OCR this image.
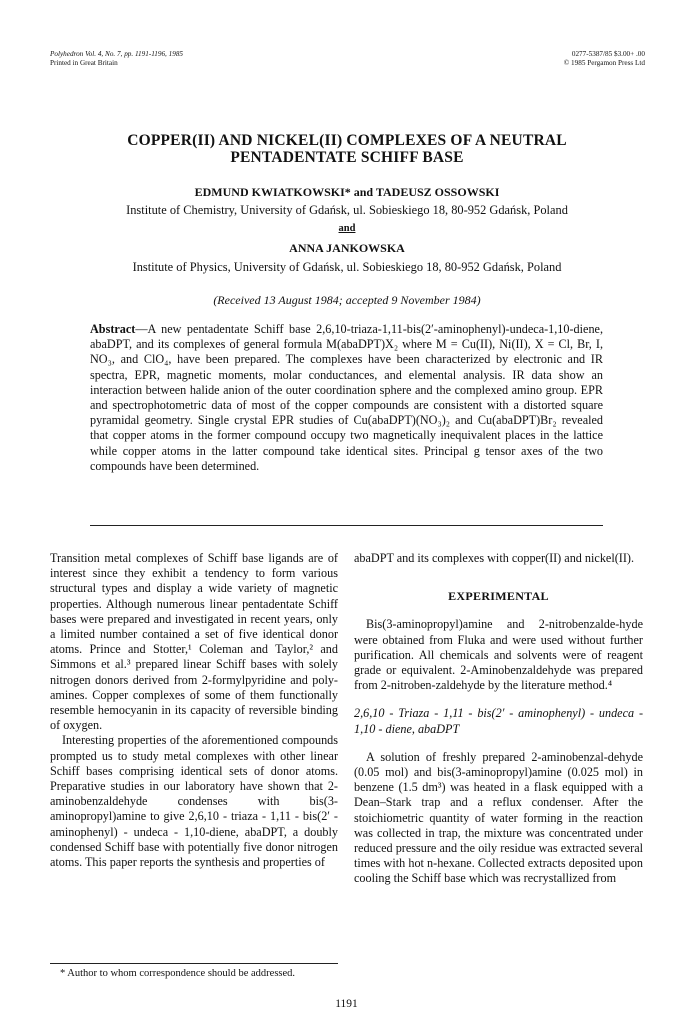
Polyhedron Vol. 4, No. 7, pp. 1191-1196, 1985
Printed in Great Britain
0277-5387/85 $3.00+ .00
© 1985 Pergamon Press Ltd
COPPER(II) AND NICKEL(II) COMPLEXES OF A NEUTRAL
PENTADENTATE SCHIFF BASE
EDMUND KWIATKOWSKI* and TADEUSZ OSSOWSKI
Institute of Chemistry, University of Gdańsk, ul. Sobieskiego 18, 80-952 Gdańsk, Poland
and
ANNA JANKOWSKA
Institute of Physics, University of Gdańsk, ul. Sobieskiego 18, 80-952 Gdańsk, Poland
(Received 13 August 1984; accepted 9 November 1984)
Abstract—A new pentadentate Schiff base 2,6,10-triaza-1,11-bis(2′-aminophenyl)-undeca-1,10-diene, abaDPT, and its complexes of general formula M(abaDPT)X₂ where M = Cu(II), Ni(II), X = Cl, Br, I, NO₃, and ClO₄, have been prepared. The complexes have been characterized by electronic and IR spectra, EPR, magnetic moments, molar conductances, and elemental analysis. IR data show an interaction between halide anion of the outer coordination sphere and the complexed amino group. EPR and spectrophotometric data of most of the copper compounds are consistent with a distorted square pyramidal geometry. Single crystal EPR studies of Cu(abaDPT)(NO₃)₂ and Cu(abaDPT)Br₂ revealed that copper atoms in the former compound occupy two magnetically inequivalent places in the lattice while copper atoms in the latter compound take identical sites. Principal g tensor axes of the two compounds have been determined.

Transition metal complexes of Schiff base ligands are of interest since they exhibit a tendency to form various structural types and display a wide variety of magnetic properties. Although numerous linear pentadentate Schiff bases were prepared and investigated in recent years, only a limited number contained a set of five identical donor atoms. Prince and Stotter,¹ Coleman and Taylor,² and Simmons et al.³ prepared linear Schiff bases with solely nitrogen donors derived from 2-formylpyridine and poly-amines. Copper complexes of some of them functionally resemble hemocyanin in its capacity of reversible binding of oxygen.

Interesting properties of the aforementioned compounds prompted us to study metal complexes with other linear Schiff bases comprising identical sets of donor atoms. Preparative studies in our laboratory have shown that 2-aminobenzaldehyde condenses with bis(3-aminopropyl)amine to give 2,6,10 - triaza - 1,11 - bis(2′ - aminophenyl) - undeca - 1,10-diene, abaDPT, a doubly condensed Schiff base with potentially five donor nitrogen atoms. This paper reports the synthesis and properties of

* Author to whom correspondence should be addressed.

abaDPT and its complexes with copper(II) and nickel(II).

EXPERIMENTAL

Bis(3-aminopropyl)amine and 2-nitrobenzalde-hyde were obtained from Fluka and were used without further purification. All chemicals and solvents were of reagent grade or equivalent. 2-Aminobenzaldehyde was prepared from 2-nitroben-zaldehyde by the literature method.⁴

2,6,10 - Triaza - 1,11 - bis(2′ - aminophenyl) - undeca - 1,10 - diene, abaDPT

A solution of freshly prepared 2-aminobenzal-dehyde (0.05 mol) and bis(3-aminopropyl)amine (0.025 mol) in benzene (1.5 dm³) was heated in a flask equipped with a Dean–Stark trap and a reflux condenser. After the stoichiometric quantity of water forming in the reaction was collected in trap, the mixture was concentrated under reduced pressure and the oily residue was extracted several times with hot n-hexane. Collected extracts deposited upon cooling the Schiff base which was recrystallized from

1191
